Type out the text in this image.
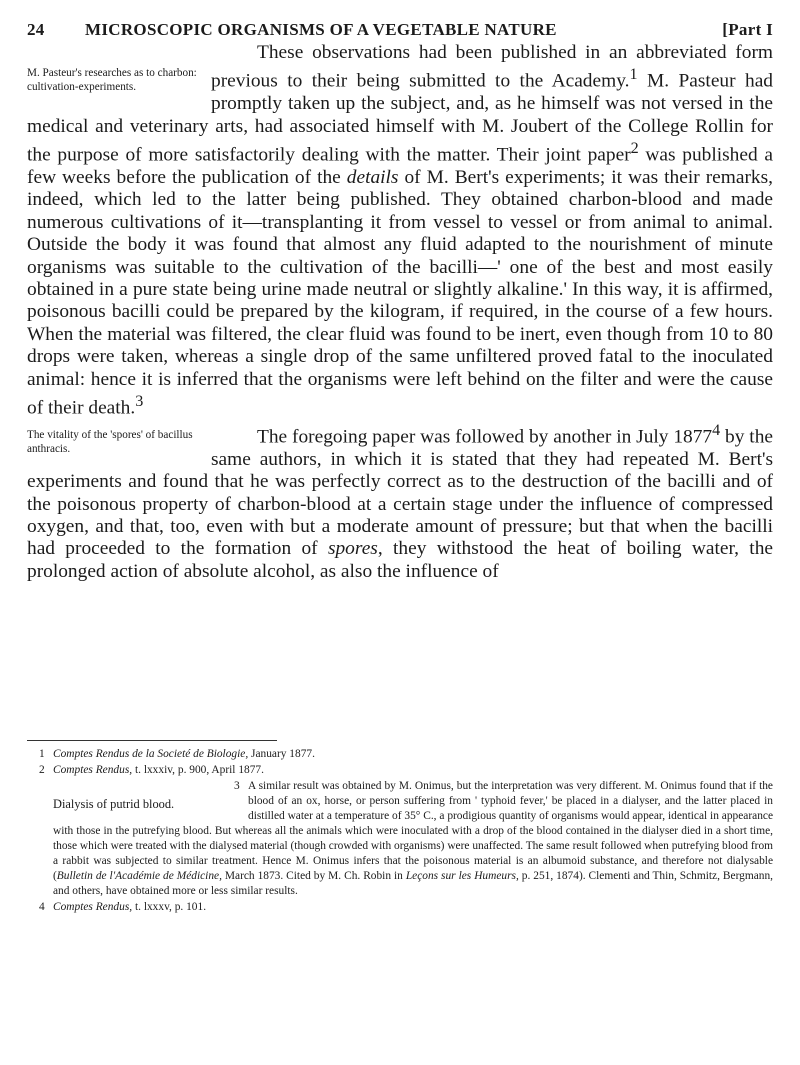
24 MICROSCOPIC ORGANISMS OF A VEGETABLE NATURE	[Part I

M. Pasteur's researches as to charbon: cultivation-experiments.
These observations had been published in an abbreviated form previous to their being submitted to the Academy.$^1$ M. Pasteur had promptly taken up the subject, and, as he himself was not versed in the medical and veterinary arts, had associated himself with M. Joubert of the College Rollin for the purpose of more satisfactorily dealing with the matter. Their joint paper$^2$ was published a few weeks before the publication of the details of M. Bert's experiments; it was their remarks, indeed, which led to the latter being published. They obtained charbon-blood and made numerous cultivations of it—transplanting it from vessel to vessel or from animal to animal. Outside the body it was found that almost any fluid adapted to the nourishment of minute organisms was suitable to the cultivation of the bacilli—' one of the best and most easily obtained in a pure state being urine made neutral or slightly alkaline.' In this way, it is affirmed, poisonous bacilli could be prepared by the kilogram, if required, in the course of a few hours. When the material was filtered, the clear fluid was found to be inert, even though from 10 to 80 drops were taken, whereas a single drop of the same unfiltered proved fatal to the inoculated animal: hence it is inferred that the organisms were left behind on the filter and were the cause of their death.$^3$

The foregoing paper was followed by another in July 1877$^4$
The vitality of the 'spores' of bacillus anthracis.
by the same authors, in which it is stated that they had repeated M. Bert's experiments and found that he was perfectly correct as to the destruction of the bacilli and of the poisonous property of charbon-blood at a certain stage under the influence of compressed oxygen, and that, too, even with but a moderate amount of pressure; but that when the bacilli had proceeded to the formation of spores, they withstood the heat of boiling water, the prolonged action of absolute alcohol, as also the influence of

1 Comptes Rendus de la Societé de Biologie, January 1877.
2 Comptes Rendus, t. lxxxiv, p. 900, April 1877.
Dialysis of putrid blood.
3 A similar result was obtained by M. Onimus, but the interpretation was very different. M. Onimus found that if the blood of an ox, horse, or person suffering from ' typhoid fever,' be placed in a dialyser, and the latter placed in distilled water at a temperature of 35° C., a prodigious quantity of organisms would appear, identical in appearance with those in the putrefying blood. But whereas all the animals which were inoculated with a drop of the blood contained in the dialyser died in a short time, those which were treated with the dialysed material (though crowded with organisms) were unaffected. The same result followed when putrefying blood from a rabbit was subjected to similar treatment. Hence M. Onimus infers that the poisonous material is an albumoid substance, and therefore not dialysable (Bulletin de l'Académie de Médicine, March 1873. Cited by M. Ch. Robin in Leçons sur les Humeurs, p. 251, 1874). Clementi and Thin, Schmitz, Bergmann, and others, have obtained more or less similar results.
4 Comptes Rendus, t. lxxxv, p. 101.
